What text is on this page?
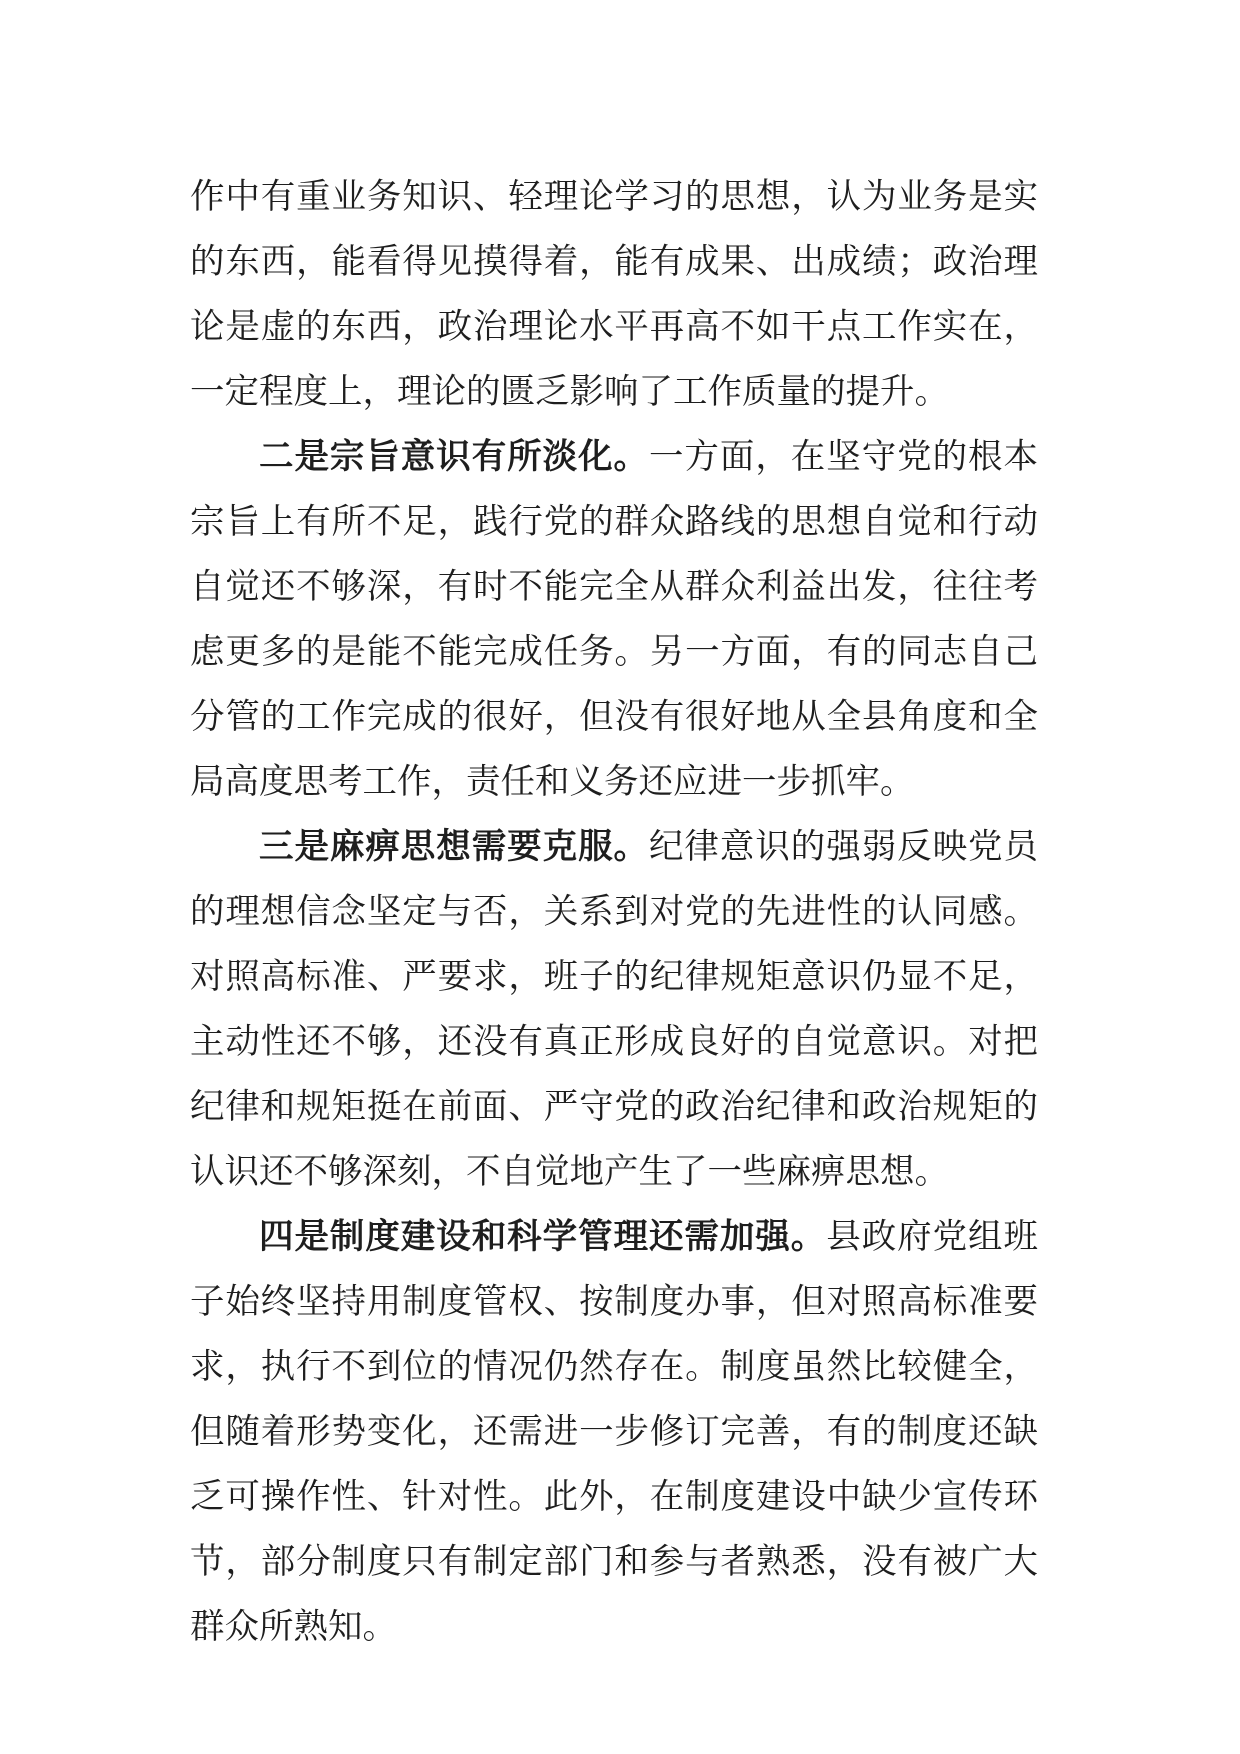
作中有重业务知识、轻理论学习的思想，认为业务是实的东西，能看得见摸得着，能有成果、出成绩；政治理论是虚的东西，政治理论水平再高不如干点工作实在，一定程度上，理论的匮乏影响了工作质量的提升。

二是宗旨意识有所淡化。一方面，在坚守党的根本宗旨上有所不足，践行党的群众路线的思想自觉和行动自觉还不够深，有时不能完全从群众利益出发，往往考虑更多的是能不能完成任务。另一方面，有的同志自己分管的工作完成的很好，但没有很好地从全县角度和全局高度思考工作，责任和义务还应进一步抓牢。

三是麻痹思想需要克服。纪律意识的强弱反映党员的理想信念坚定与否，关系到对党的先进性的认同感。对照高标准、严要求，班子的纪律规矩意识仍显不足，主动性还不够，还没有真正形成良好的自觉意识。对把纪律和规矩挺在前面、严守党的政治纪律和政治规矩的认识还不够深刻，不自觉地产生了一些麻痹思想。

四是制度建设和科学管理还需加强。县政府党组班子始终坚持用制度管权、按制度办事，但对照高标准要求，执行不到位的情况仍然存在。制度虽然比较健全，但随着形势变化，还需进一步修订完善，有的制度还缺乏可操作性、针对性。此外，在制度建设中缺少宣传环节，部分制度只有制定部门和参与者熟悉，没有被广大群众所熟知。
